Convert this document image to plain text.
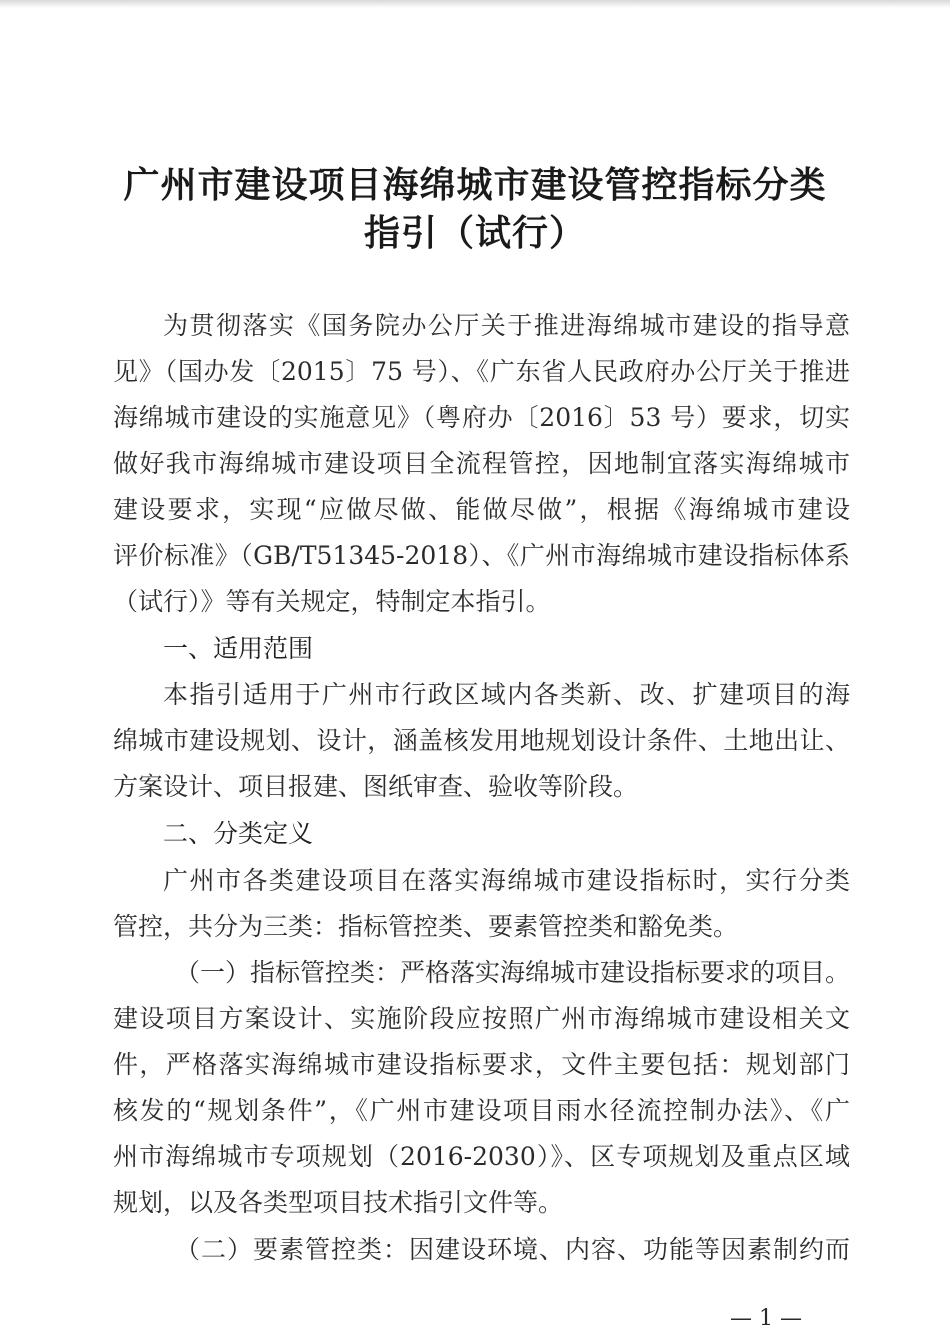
广州市建设项目海绵城市建设管控指标分类
指引（试行）
为贯彻落实《国务院办公厅关于推进海绵城市建设的指导意
见》（国办发〔2015〕75 号）、《广东省人民政府办公厅关于推进
海绵城市建设的实施意见》（粤府办〔2016〕53 号）要求，切实
做好我市海绵城市建设项目全流程管控，因地制宜落实海绵城市
建设要求，实现“应做尽做、能做尽做”，根据《海绵城市建设
评价标准》（GB/T51345-2018）、《广州市海绵城市建设指标体系
（试行）》等有关规定，特制定本指引。
一、适用范围
本指引适用于广州市行政区域内各类新、改、扩建项目的海
绵城市建设规划、设计，涵盖核发用地规划设计条件、土地出让、
方案设计、项目报建、图纸审查、验收等阶段。
二、分类定义
广州市各类建设项目在落实海绵城市建设指标时，实行分类
管控，共分为三类：指标管控类、要素管控类和豁免类。
（一）指标管控类：严格落实海绵城市建设指标要求的项目。
建设项目方案设计、实施阶段应按照广州市海绵城市建设相关文
件，严格落实海绵城市建设指标要求，文件主要包括：规划部门
核发的“规划条件”，《广州市建设项目雨水径流控制办法》、《广
州市海绵城市专项规划（2016-2030）》、区专项规划及重点区域
规划，以及各类型项目技术指引文件等。
（二）要素管控类：因建设环境、内容、功能等因素制约而
— 1 —
